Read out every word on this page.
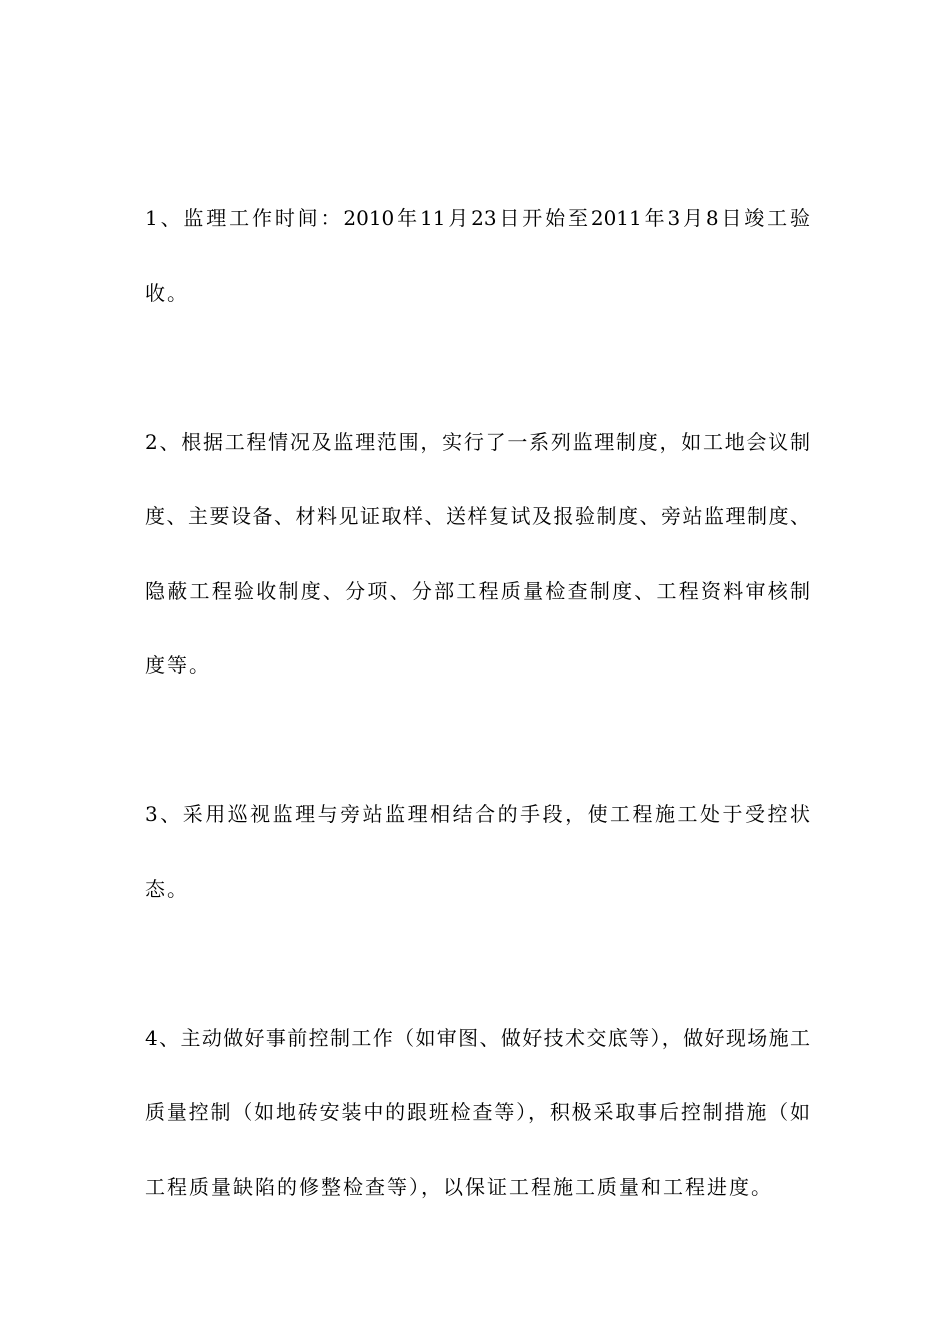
1、监理工作时间：2010年11月23日开始至2011年3月8日竣工验
收。
2、根据工程情况及监理范围，实行了一系列监理制度，如工地会议制
度、主要设备、材料见证取样、送样复试及报验制度、旁站监理制度、
隐蔽工程验收制度、分项、分部工程质量检查制度、工程资料审核制
度等。
3、采用巡视监理与旁站监理相结合的手段，使工程施工处于受控状
态。
4、主动做好事前控制工作（如审图、做好技术交底等），做好现场施工
质量控制（如地砖安装中的跟班检查等），积极采取事后控制措施（如
工程质量缺陷的修整检查等），以保证工程施工质量和工程进度。
